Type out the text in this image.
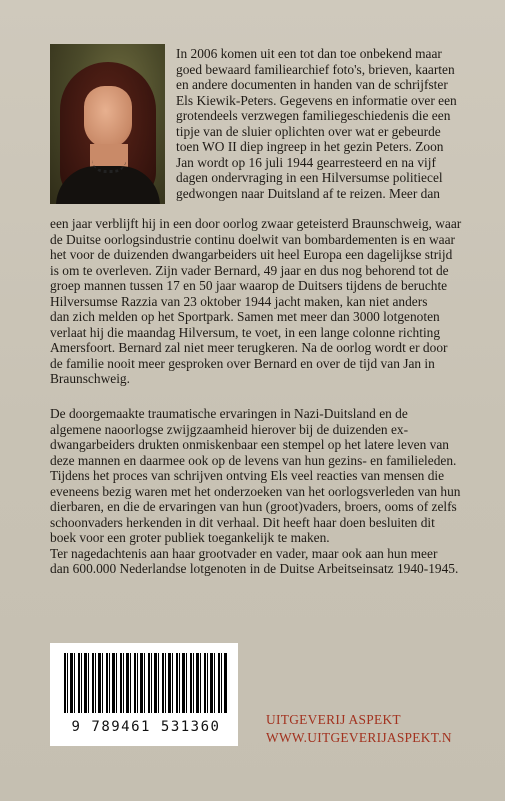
In 2006 komen uit een tot dan toe onbekend maar
goed bewaard familiearchief foto's, brieven, kaarten
en andere documenten in handen van de schrijfster
Els Kiewik-Peters. Gegevens en informatie over een
grotendeels verzwegen familiegeschiedenis die een
tipje van de sluier oplichten over wat er gebeurde
toen WO II diep ingreep in het gezin Peters. Zoon
Jan wordt op 16 juli 1944 gearresteerd en na vijf
dagen ondervraging in een Hilversumse politiecel
gedwongen naar Duitsland af te reizen. Meer dan
een jaar verblijft hij in een door oorlog zwaar geteisterd Braunschweig, waar
de Duitse oorlogsindustrie continu doelwit van bombardementen is en waar
het voor de duizenden dwangarbeiders uit heel Europa een dagelijkse strijd
is om te overleven. Zijn vader Bernard, 49 jaar en dus nog behorend tot de
groep mannen tussen 17 en 50 jaar waarop de Duitsers tijdens de beruchte
Hilversumse Razzia van 23 oktober 1944 jacht maken, kan niet anders
dan zich melden op het Sportpark. Samen met meer dan 3000 lotgenoten
verlaat hij die maandag Hilversum, te voet, in een lange colonne richting
Amersfoort. Bernard zal niet meer terugkeren. Na de oorlog wordt er door
de familie nooit meer gesproken over Bernard en over de tijd van Jan in
Braunschweig.
De doorgemaakte traumatische ervaringen in Nazi-Duitsland en de
algemene naoorlogse zwijgzaamheid hierover bij de duizenden ex-
dwangarbeiders drukten onmiskenbaar een stempel op het latere leven van
deze mannen en daarmee ook op de levens van hun gezins- en familieleden.
Tijdens het proces van schrijven ontving Els veel reacties van mensen die
eveneens bezig waren met het onderzoeken van het oorlogsverleden van hun
dierbaren, en die de ervaringen van hun (groot)vaders, broers, ooms of zelfs
schoonvaders herkenden in dit verhaal. Dit heeft haar doen besluiten dit
boek voor een groter publiek toegankelijk te maken.
Ter nagedachtenis aan haar grootvader en vader, maar ook aan hun meer
dan 600.000 Nederlandse lotgenoten in de Duitse Arbeitseinsatz 1940-1945.
9 789461 531360	UITGEVERIJ ASPEKT
WWW.UITGEVERIJASPEKT.N
